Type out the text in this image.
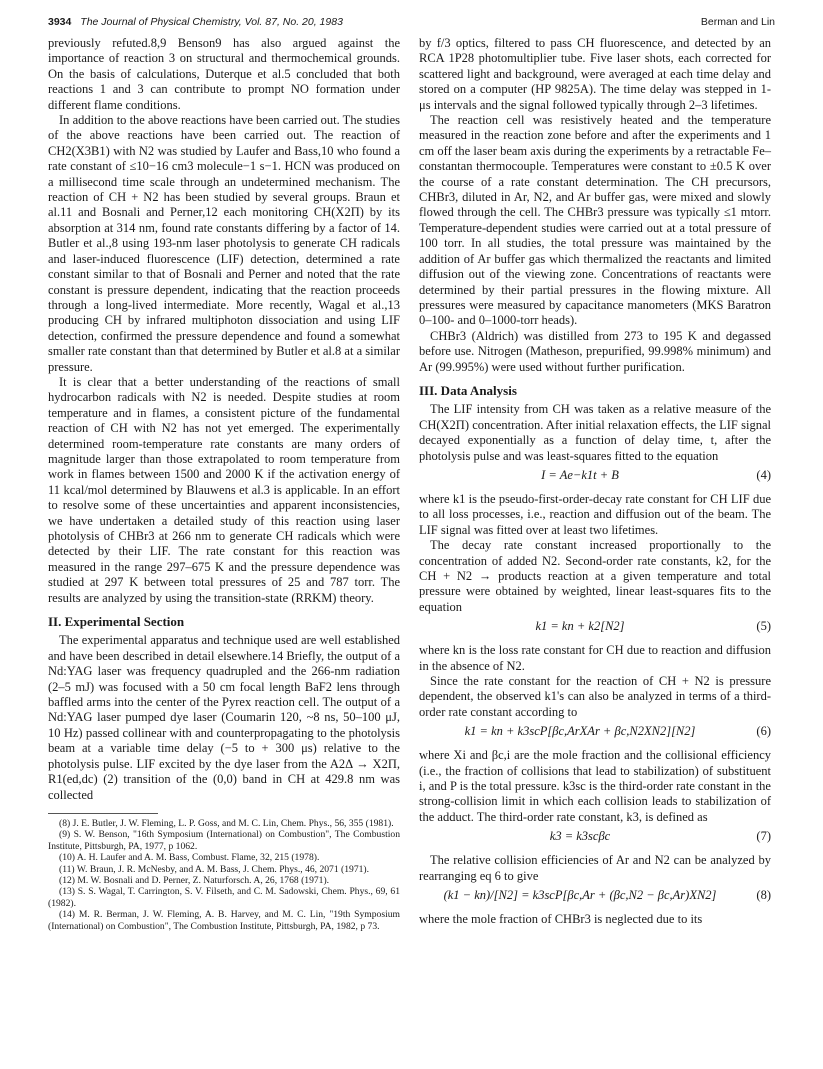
3934 The Journal of Physical Chemistry, Vol. 87, No. 20, 1983	Berman and Lin

previously refuted.8,9 Benson9 has also argued against the importance of reaction 3 on structural and thermochemical grounds. On the basis of calculations, Duterque et al.5 concluded that both reactions 1 and 3 can contribute to prompt NO formation under different flame conditions.

In addition to the above reactions have been carried out. The studies of the above reactions have been carried out. The reaction of CH2(X3B1) with N2 was studied by Laufer and Bass,10 who found a rate constant of ≤10−16 cm3 molecule−1 s−1. HCN was produced on a millisecond time scale through an undetermined mechanism. The reaction of CH + N2 has been studied by several groups. Braun et al.11 and Bosnali and Perner,12 each monitoring CH(X2Π) by its absorption at 314 nm, found rate constants differing by a factor of 14. Butler et al.,8 using 193-nm laser photolysis to generate CH radicals and laser-induced fluorescence (LIF) detection, determined a rate constant similar to that of Bosnali and Perner and noted that the rate constant is pressure dependent, indicating that the reaction proceeds through a long-lived intermediate. More recently, Wagal et al.,13 producing CH by infrared multiphoton dissociation and using LIF detection, confirmed the pressure dependence and found a somewhat smaller rate constant than that determined by Butler et al.8 at a similar pressure.

It is clear that a better understanding of the reactions of small hydrocarbon radicals with N2 is needed. Despite studies at room temperature and in flames, a consistent picture of the fundamental reaction of CH with N2 has not yet emerged. The experimentally determined room-temperature rate constants are many orders of magnitude larger than those extrapolated to room temperature from work in flames between 1500 and 2000 K if the activation energy of 11 kcal/mol determined by Blauwens et al.3 is applicable. In an effort to resolve some of these uncertainties and apparent inconsistencies, we have undertaken a detailed study of this reaction using laser photolysis of CHBr3 at 266 nm to generate CH radicals which were detected by their LIF. The rate constant for this reaction was measured in the range 297–675 K and the pressure dependence was studied at 297 K between total pressures of 25 and 787 torr. The results are analyzed by using the transition-state (RRKM) theory.

II. Experimental Section

The experimental apparatus and technique used are well established and have been described in detail elsewhere.14 Briefly, the output of a Nd:YAG laser was frequency quadrupled and the 266-nm radiation (2–5 mJ) was focused with a 50 cm focal length BaF2 lens through baffled arms into the center of the Pyrex reaction cell. The output of a Nd:YAG laser pumped dye laser (Coumarin 120, ~8 ns, 50–100 μJ, 10 Hz) passed collinear with and counterpropagating to the photolysis beam at a variable time delay (−5 to + 300 μs) relative to the photolysis pulse. LIF excited by the dye laser from the A2Δ → X2Π, R1(ed,dc) (2) transition of the (0,0) band in CH at 429.8 nm was collected

(8) J. E. Butler, J. W. Fleming, L. P. Goss, and M. C. Lin, Chem. Phys., 56, 355 (1981).

(9) S. W. Benson, "16th Symposium (International) on Combustion", The Combustion Institute, Pittsburgh, PA, 1977, p 1062.

(10) A. H. Laufer and A. M. Bass, Combust. Flame, 32, 215 (1978).

(11) W. Braun, J. R. McNesby, and A. M. Bass, J. Chem. Phys., 46, 2071 (1971).

(12) M. W. Bosnali and D. Perner, Z. Naturforsch. A, 26, 1768 (1971).

(13) S. S. Wagal, T. Carrington, S. V. Filseth, and C. M. Sadowski, Chem. Phys., 69, 61 (1982).

(14) M. R. Berman, J. W. Fleming, A. B. Harvey, and M. C. Lin, "19th Symposium (International) on Combustion", The Combustion Institute, Pittsburgh, PA, 1982, p 73.

by f/3 optics, filtered to pass CH fluorescence, and detected by an RCA 1P28 photomultiplier tube. Five laser shots, each corrected for scattered light and background, were averaged at each time delay and stored on a computer (HP 9825A). The time delay was stepped in 1-μs intervals and the signal followed typically through 2–3 lifetimes.

The reaction cell was resistively heated and the temperature measured in the reaction zone before and after the experiments and 1 cm off the laser beam axis during the experiments by a retractable Fe–constantan thermocouple. Temperatures were constant to ±0.5 K over the course of a rate constant determination. The CH precursors, CHBr3, diluted in Ar, N2, and Ar buffer gas, were mixed and slowly flowed through the cell. The CHBr3 pressure was typically ≤1 mtorr. Temperature-dependent studies were carried out at a total pressure of 100 torr. In all studies, the total pressure was maintained by the addition of Ar buffer gas which thermalized the reactants and limited diffusion out of the viewing zone. Concentrations of reactants were determined by their partial pressures in the flowing mixture. All pressures were measured by capacitance manometers (MKS Baratron 0–100- and 0–1000-torr heads).

CHBr3 (Aldrich) was distilled from 273 to 195 K and degassed before use. Nitrogen (Matheson, prepurified, 99.998% minimum) and Ar (99.995%) were used without further purification.

III. Data Analysis

The LIF intensity from CH was taken as a relative measure of the CH(X2Π) concentration. After initial relaxation effects, the LIF signal decayed exponentially as a function of delay time, t, after the photolysis pulse and was least-squares fitted to the equation

I = Ae−k1t + B	(4)

where k1 is the pseudo-first-order-decay rate constant for CH LIF due to all loss processes, i.e., reaction and diffusion out of the beam. The LIF signal was fitted over at least two lifetimes.

The decay rate constant increased proportionally to the concentration of added N2. Second-order rate constants, k2, for the CH + N2 → products reaction at a given temperature and total pressure were obtained by weighted, linear least-squares fits to the equation

k1 = kn + k2[N2]	(5)

where kn is the loss rate constant for CH due to reaction and diffusion in the absence of N2.

Since the rate constant for the reaction of CH + N2 is pressure dependent, the observed k1's can also be analyzed in terms of a third-order rate constant according to

k1 = kn + k3scP[βc,ArXAr + βc,N2XN2][N2]	(6)

where Xi and βc,i are the mole fraction and the collisional efficiency (i.e., the fraction of collisions that lead to stabilization) of substituent i, and P is the total pressure. k3sc is the third-order rate constant in the strong-collision limit in which each collision leads to stabilization of the adduct. The third-order rate constant, k3, is defined as

k3 = k3scβc	(7)

The relative collision efficiencies of Ar and N2 can be analyzed by rearranging eq 6 to give

(k1 − kn)/[N2] = k3scP[βc,Ar + (βc,N2 − βc,Ar)XN2]	(8)

where the mole fraction of CHBr3 is neglected due to its
